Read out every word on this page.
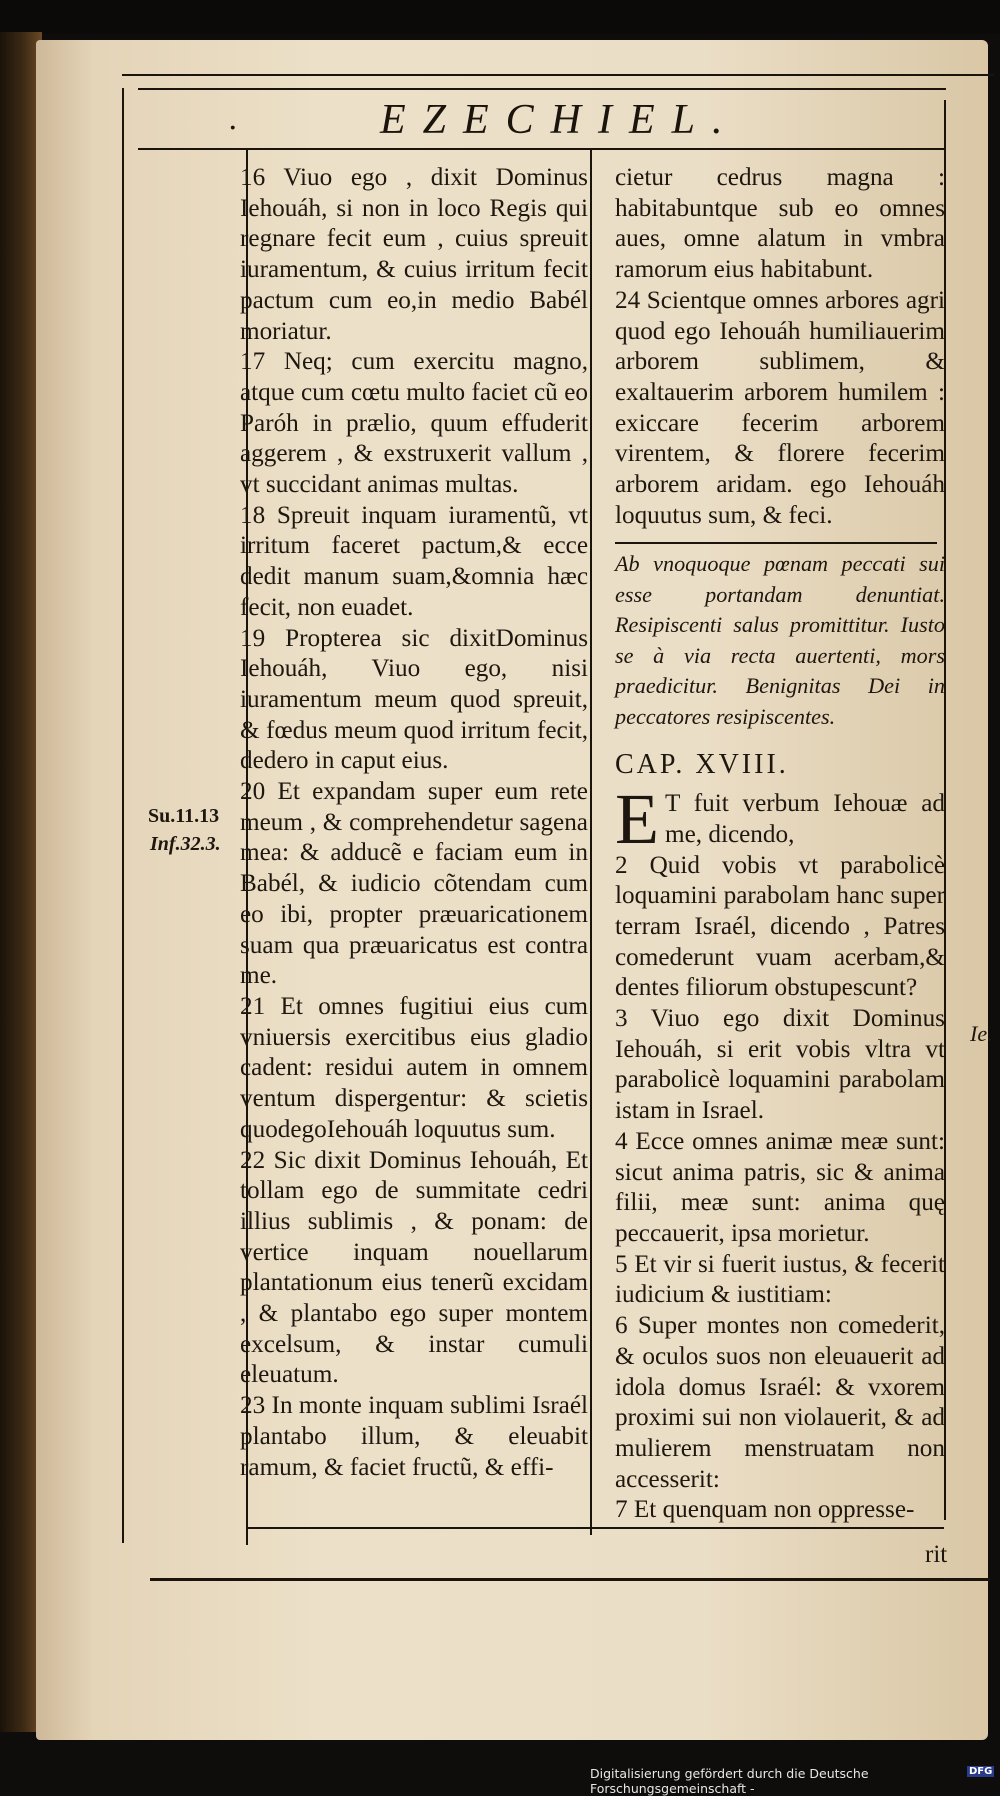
.	EZECHIEL.
Su.11.13
Inf.32.3.
Ie.

16 Viuo ego , dixit Dominus Iehouáh, si non in loco Regis qui regnare fecit eum , cuius spreuit iuramentum, & cuius irritum fecit pactum cum eo,in medio Babél moriatur.

17 Neq; cum exercitu magno, atque cum cœtu multo faciet cũ eo Paróh in prælio, quum effuderit aggerem , & exstruxerit vallum , vt succidant animas multas.

18 Spreuit inquam iuramentũ, vt irritum faceret pactum,& ecce dedit manum suam,&omnia hæc fecit, non euadet.

19 Propterea sic dixitDominus Iehouáh, Viuo ego, nisi iuramentum meum quod spreuit, & fœdus meum quod irritum fecit, dedero in caput eius.

20 Et expandam super eum rete meum , & comprehendetur sagena mea: & adducẽ e faciam eum in Babél, & iudicio cõtendam cum eo ibi, propter præuaricationem suam qua præuaricatus est contra me.

21 Et omnes fugitiui eius cum vniuersis exercitibus eius gladio cadent: residui autem in omnem ventum dispergentur: & scietis quodegoIehouáh loquutus sum.

22 Sic dixit Dominus Iehouáh, Et tollam ego de summitate cedri illius sublimis , & ponam: de vertice inquam nouellarum plantationum eius tenerũ excidam , & plantabo ego super montem excelsum, & instar cumuli eleuatum.

23 In monte inquam sublimi Israél plantabo illum, & eleuabit ramum, & faciet fructũ, & effi-

cietur cedrus magna : habitabuntque sub eo omnes aues, omne alatum in vmbra ramorum eius habitabunt.

24 Scientque omnes arbores agri quod ego Iehouáh humiliauerim arborem sublimem, & exaltauerim arborem humilem : exiccare fecerim arborem virentem, & florere fecerim arborem aridam. ego Iehouáh loquutus sum, & feci.

Ab vnoquoque pœnam peccati sui esse portandam denuntiat. Resipiscenti salus promittitur. Iusto se à via recta auertenti, mors praedicitur. Benignitas Dei in peccatores resipiscentes.

CAP. XVIII.

E T fuit verbum Iehouæ ad me, dicendo,

2 Quid vobis vt parabolicè loquamini parabolam hanc super terram Israél, dicendo , Patres comederunt vuam acerbam,& dentes filiorum obstupescunt?

3 Viuo ego dixit Dominus Iehouáh, si erit vobis vltra vt parabolicè loquamini parabolam istam in Israel.

4 Ecce omnes animæ meæ sunt: sicut anima patris, sic & anima filii, meæ sunt: anima quę peccauerit, ipsa morietur.

5 Et vir si fuerit iustus, & fecerit iudicium & iustitiam:

6 Super montes non comederit, & oculos suos non eleuauerit ad idola domus Israél: & vxorem proximi sui non violauerit, & ad mulierem menstruatam non accesserit:

7 Et quenquam non oppresse-

rit
Digitalisierung gefördert durch die Deutsche Forschungsgemeinschaft -
DFG
